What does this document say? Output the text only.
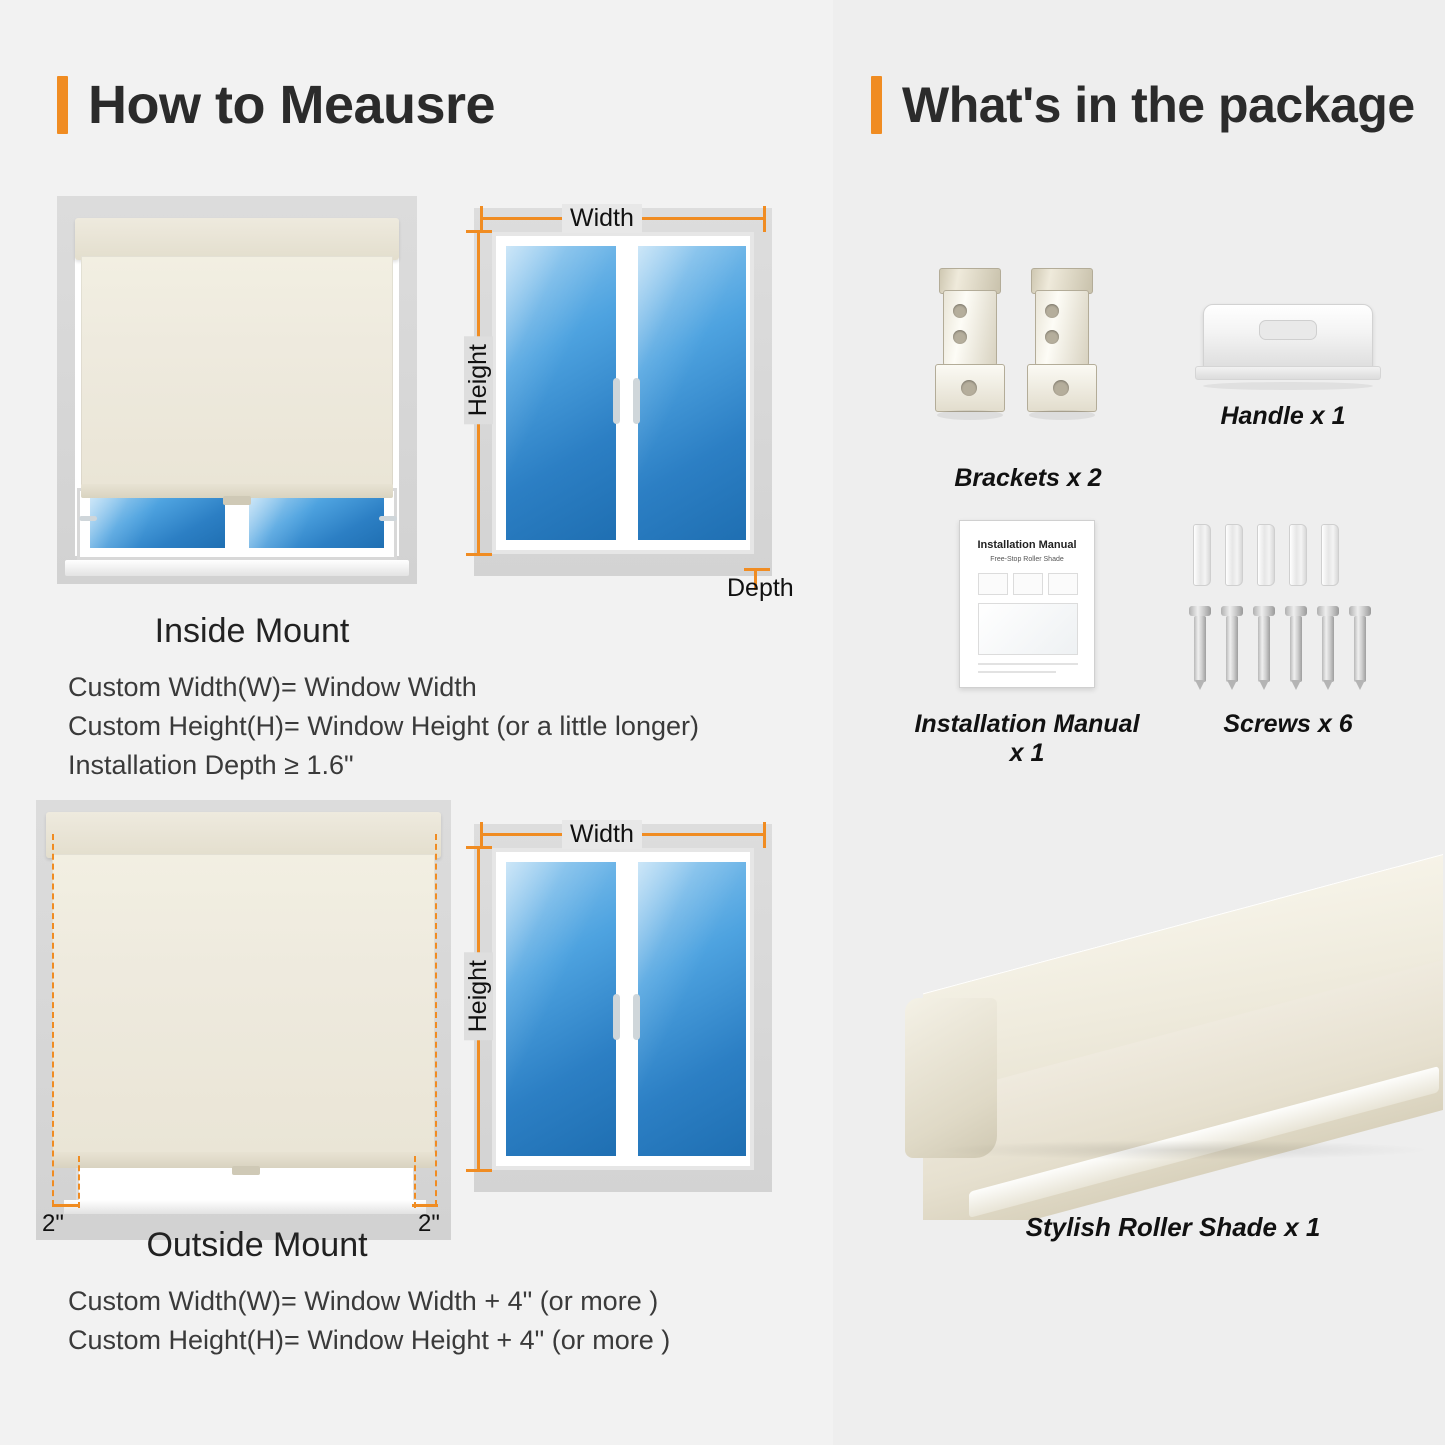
How to Meausre
Width
Height
Depth
Inside Mount
Custom Width(W)= Window Width
Custom Height(H)= Window Height (or a little longer)
Installation Depth ≥ 1.6"
2"	2"
Width
Height
Outside Mount
Custom Width(W)= Window Width + 4" (or more )
Custom Height(H)= Window Height + 4" (or more )
What's in the package
Brackets x 2
Handle x 1
Installation Manual
Free-Stop Roller Shade
Installation Manual x 1
Screws x 6
Stylish Roller Shade x 1
